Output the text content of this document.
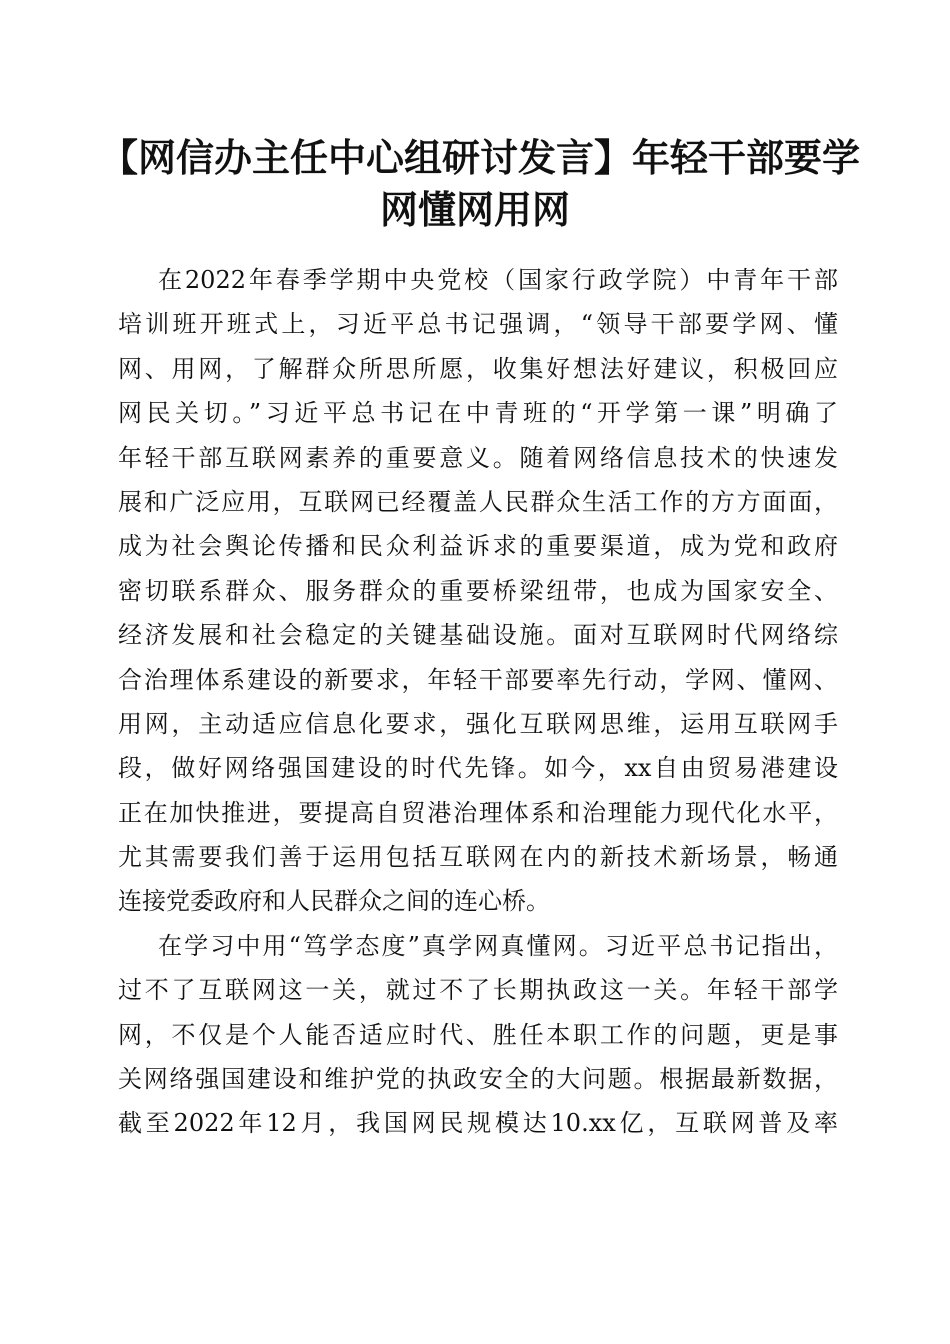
【网信办主任中心组研讨发言】年轻干部要学
网懂网用网
在2022年春季学期中央党校（国家行政学院）中青年干部
培训班开班式上，习近平总书记强调，“领导干部要学网、懂
网、用网，了解群众所思所愿，收集好想法好建议，积极回应
网民关切。”习近平总书记在中青班的“开学第一课”明确了
年轻干部互联网素养的重要意义。随着网络信息技术的快速发
展和广泛应用，互联网已经覆盖人民群众生活工作的方方面面，
成为社会舆论传播和民众利益诉求的重要渠道，成为党和政府
密切联系群众、服务群众的重要桥梁纽带，也成为国家安全、
经济发展和社会稳定的关键基础设施。面对互联网时代网络综
合治理体系建设的新要求，年轻干部要率先行动，学网、懂网、
用网，主动适应信息化要求，强化互联网思维，运用互联网手
段，做好网络强国建设的时代先锋。如今，xx自由贸易港建设
正在加快推进，要提高自贸港治理体系和治理能力现代化水平，
尤其需要我们善于运用包括互联网在内的新技术新场景，畅通
连接党委政府和人民群众之间的连心桥。
在学习中用“笃学态度”真学网真懂网。习近平总书记指出，
过不了互联网这一关，就过不了长期执政这一关。年轻干部学
网，不仅是个人能否适应时代、胜任本职工作的问题，更是事
关网络强国建设和维护党的执政安全的大问题。根据最新数据，
截至2022年12月，我国网民规模达10.xx亿，互联网普及率
